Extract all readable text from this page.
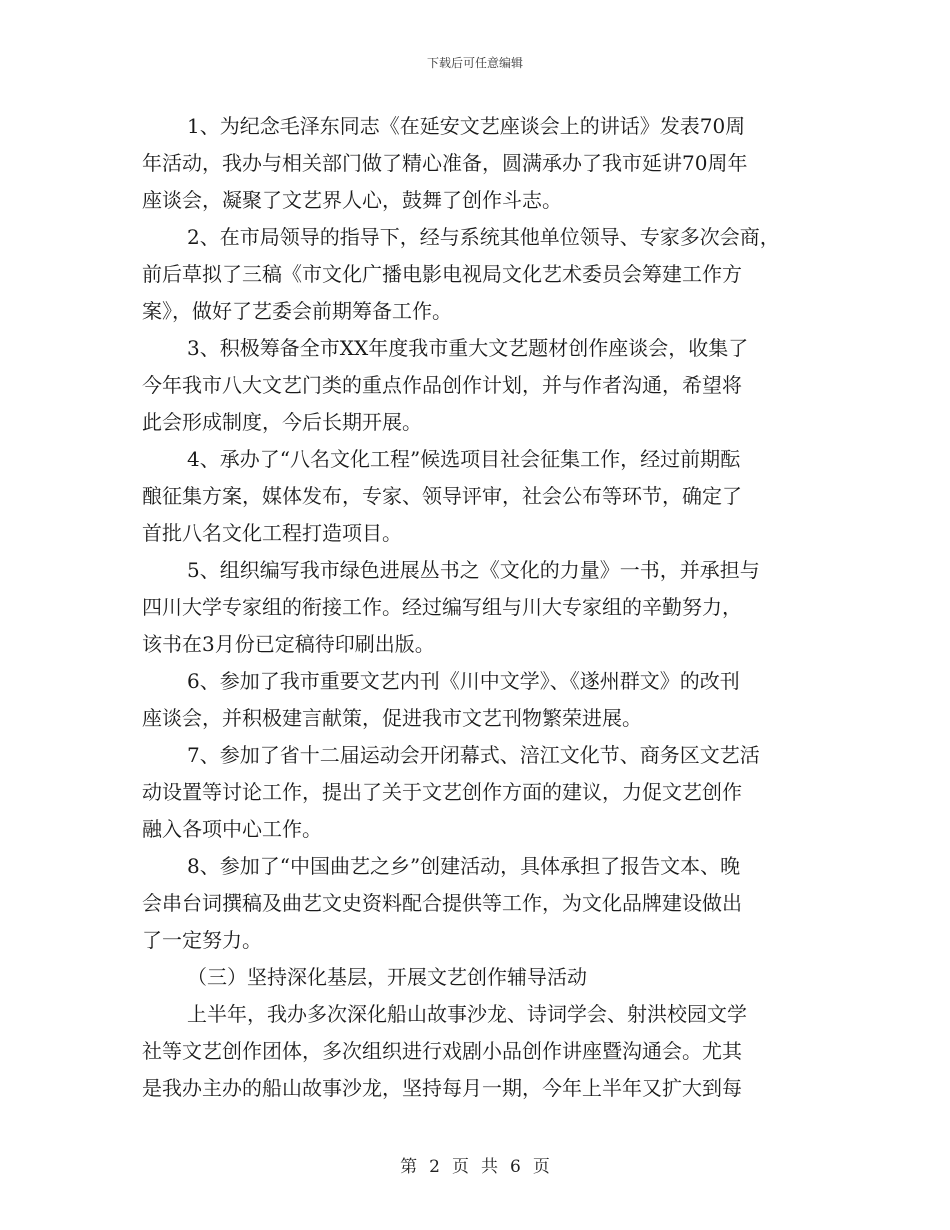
下载后可任意编辑
1、为纪念毛泽东同志《在延安文艺座谈会上的讲话》发表70周
年活动，我办与相关部门做了精心准备，圆满承办了我市延讲70周年
座谈会，凝聚了文艺界人心，鼓舞了创作斗志。
2、在市局领导的指导下，经与系统其他单位领导、专家多次会商，
前后草拟了三稿《市文化广播电影电视局文化艺术委员会筹建工作方
案》，做好了艺委会前期筹备工作。
3、积极筹备全市XX年度我市重大文艺题材创作座谈会，收集了
今年我市八大文艺门类的重点作品创作计划，并与作者沟通，希望将
此会形成制度，今后长期开展。
4、承办了“八名文化工程”候选项目社会征集工作，经过前期酝
酿征集方案，媒体发布，专家、领导评审，社会公布等环节，确定了
首批八名文化工程打造项目。
5、组织编写我市绿色进展丛书之《文化的力量》一书，并承担与
四川大学专家组的衔接工作。经过编写组与川大专家组的辛勤努力，
该书在3月份已定稿待印刷出版。
6、参加了我市重要文艺内刊《川中文学》、《遂州群文》的改刊
座谈会，并积极建言献策，促进我市文艺刊物繁荣进展。
7、参加了省十二届运动会开闭幕式、涪江文化节、商务区文艺活
动设置等讨论工作，提出了关于文艺创作方面的建议，力促文艺创作
融入各项中心工作。
8、参加了“中国曲艺之乡”创建活动，具体承担了报告文本、晚
会串台词撰稿及曲艺文史资料配合提供等工作，为文化品牌建设做出
了一定努力。
（三）坚持深化基层，开展文艺创作辅导活动
上半年，我办多次深化船山故事沙龙、诗词学会、射洪校园文学
社等文艺创作团体，多次组织进行戏剧小品创作讲座暨沟通会。尤其
是我办主办的船山故事沙龙，坚持每月一期，今年上半年又扩大到每
第 2 页 共 6 页
